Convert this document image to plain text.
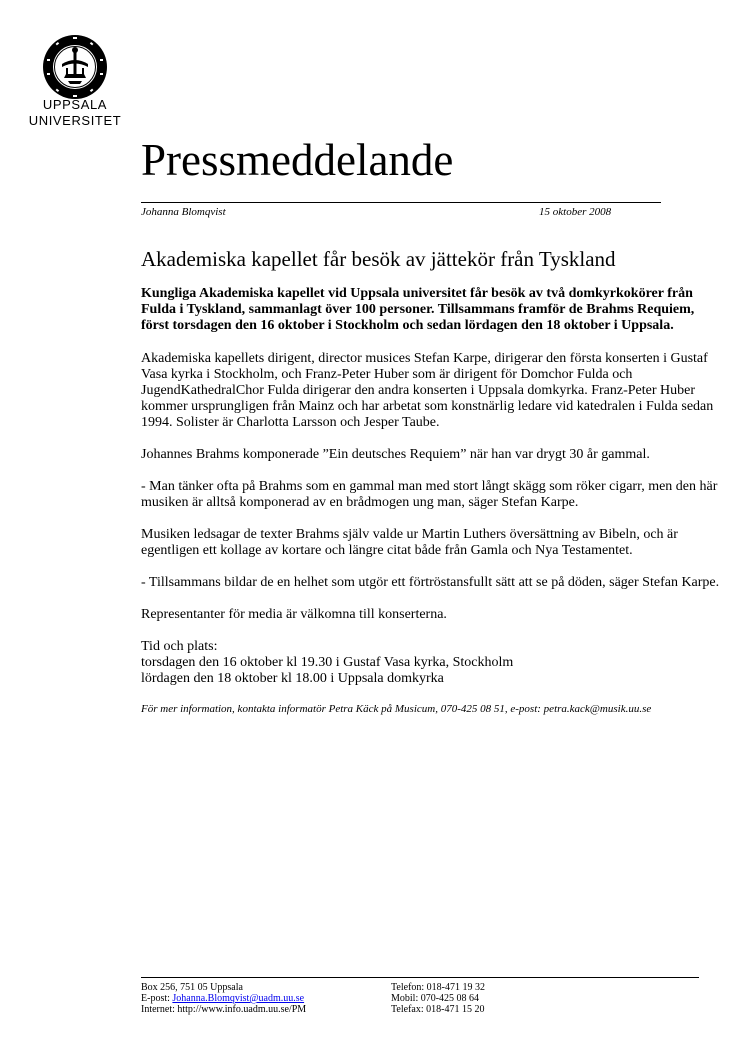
UPPSALA
UNIVERSITET
Pressmeddelande
Johanna Blomqvist	15 oktober 2008
Akademiska kapellet får besök av jättekör från Tyskland

Kungliga Akademiska kapellet vid Uppsala universitet får besök av två domkyrkokörer från Fulda i Tyskland, sammanlagt över 100 personer. Tillsammans framför de Brahms Requiem, först torsdagen den 16 oktober i Stockholm och sedan lördagen den 18 oktober i Uppsala.

Akademiska kapellets dirigent, director musices Stefan Karpe, dirigerar den första konserten i Gustaf Vasa kyrka i Stockholm, och Franz-Peter Huber som är dirigent för Domchor Fulda och JugendKathedralChor Fulda dirigerar den andra konserten i Uppsala domkyrka. Franz-Peter Huber kommer ursprungligen från Mainz och har arbetat som konstnärlig ledare vid katedralen i Fulda sedan 1994. Solister är Charlotta Larsson och Jesper Taube.

Johannes Brahms komponerade ”Ein deutsches Requiem” när han var drygt 30 år gammal.

- Man tänker ofta på Brahms som en gammal man med stort långt skägg som röker cigarr, men den här musiken är alltså komponerad av en brådmogen ung man, säger Stefan Karpe.

Musiken ledsagar de texter Brahms själv valde ur Martin Luthers översättning av Bibeln, och är egentligen ett kollage av kortare och längre citat både från Gamla och Nya Testamentet.

- Tillsammans bildar de en helhet som utgör ett förtröstansfullt sätt att se på döden, säger Stefan Karpe.

Representanter för media är välkomna till konserterna.

Tid och plats:
torsdagen den 16 oktober kl 19.30 i Gustaf Vasa kyrka, Stockholm
lördagen den 18 oktober kl 18.00 i Uppsala domkyrka

För mer information, kontakta informatör Petra Käck på Musicum, 070-425 08 51, e-post: petra.kack@musik.uu.se

Box 256, 751 05 Uppsala
E-post: Johanna.Blomqvist@uadm.uu.se
Internet: http://www.info.uadm.uu.se/PM
Telefon: 018-471 19 32
Mobil: 070-425 08 64
Telefax: 018-471 15 20
